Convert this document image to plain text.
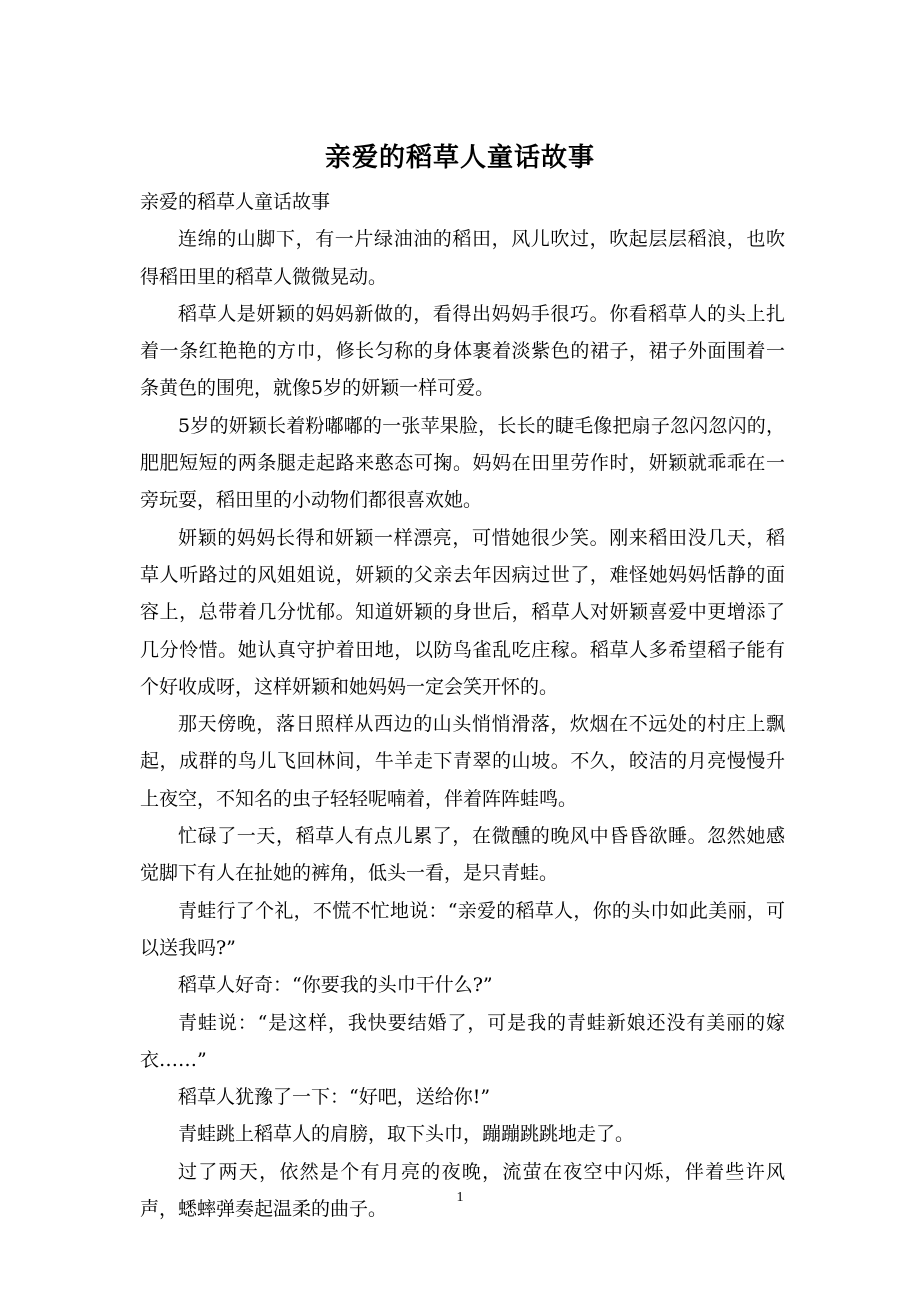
亲爱的稻草人童话故事

亲爱的稻草人童话故事

连绵的山脚下，有一片绿油油的稻田，风儿吹过，吹起层层稻浪，也吹得稻田里的稻草人微微晃动。

稻草人是妍颖的妈妈新做的，看得出妈妈手很巧。你看稻草人的头上扎着一条红艳艳的方巾，修长匀称的身体裹着淡紫色的裙子，裙子外面围着一条黄色的围兜，就像5岁的妍颖一样可爱。

5岁的妍颖长着粉嘟嘟的一张苹果脸，长长的睫毛像把扇子忽闪忽闪的，肥肥短短的两条腿走起路来憨态可掬。妈妈在田里劳作时，妍颖就乖乖在一旁玩耍，稻田里的小动物们都很喜欢她。

妍颖的妈妈长得和妍颖一样漂亮，可惜她很少笑。刚来稻田没几天，稻草人听路过的风姐姐说，妍颖的父亲去年因病过世了，难怪她妈妈恬静的面容上，总带着几分忧郁。知道妍颖的身世后，稻草人对妍颖喜爱中更增添了几分怜惜。她认真守护着田地，以防鸟雀乱吃庄稼。稻草人多希望稻子能有个好收成呀，这样妍颖和她妈妈一定会笑开怀的。

那天傍晚，落日照样从西边的山头悄悄滑落，炊烟在不远处的村庄上飘起，成群的鸟儿飞回林间，牛羊走下青翠的山坡。不久，皎洁的月亮慢慢升上夜空，不知名的虫子轻轻呢喃着，伴着阵阵蛙鸣。

忙碌了一天，稻草人有点儿累了，在微醺的晚风中昏昏欲睡。忽然她感觉脚下有人在扯她的裤角，低头一看，是只青蛙。

青蛙行了个礼，不慌不忙地说：“亲爱的稻草人，你的头巾如此美丽，可以送我吗?”

稻草人好奇：“你要我的头巾干什么?”

青蛙说：“是这样，我快要结婚了，可是我的青蛙新娘还没有美丽的嫁衣……”

稻草人犹豫了一下：“好吧，送给你!”

青蛙跳上稻草人的肩膀，取下头巾，蹦蹦跳跳地走了。

过了两天，依然是个有月亮的夜晚，流萤在夜空中闪烁，伴着些许风声，蟋蟀弹奏起温柔的曲子。

1
